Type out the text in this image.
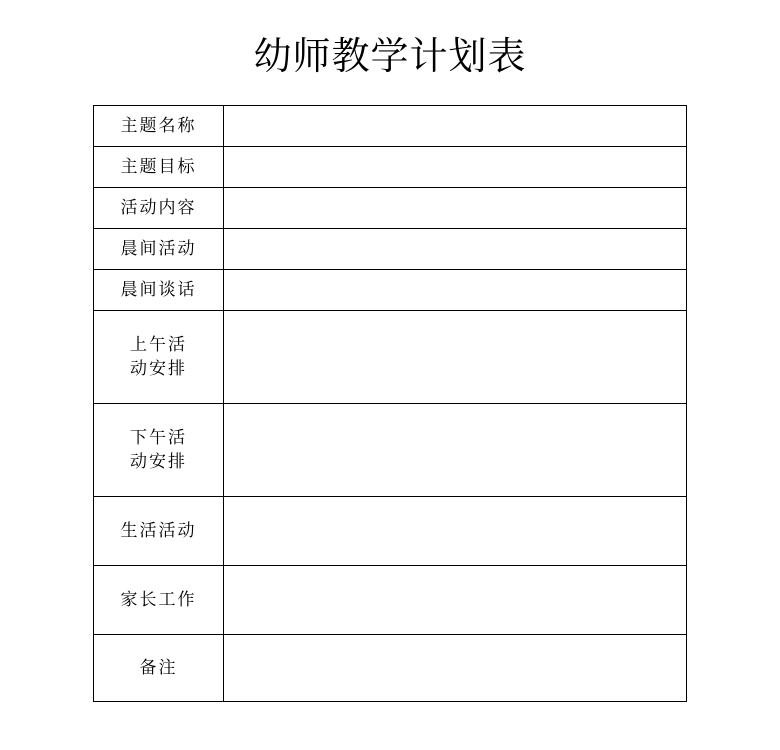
幼师教学计划表
主题名称	
主题目标	
活动内容	
晨间活动	
晨间谈话	
上午活
动安排	
下午活
动安排	
生活活动	
家长工作	
备注	
